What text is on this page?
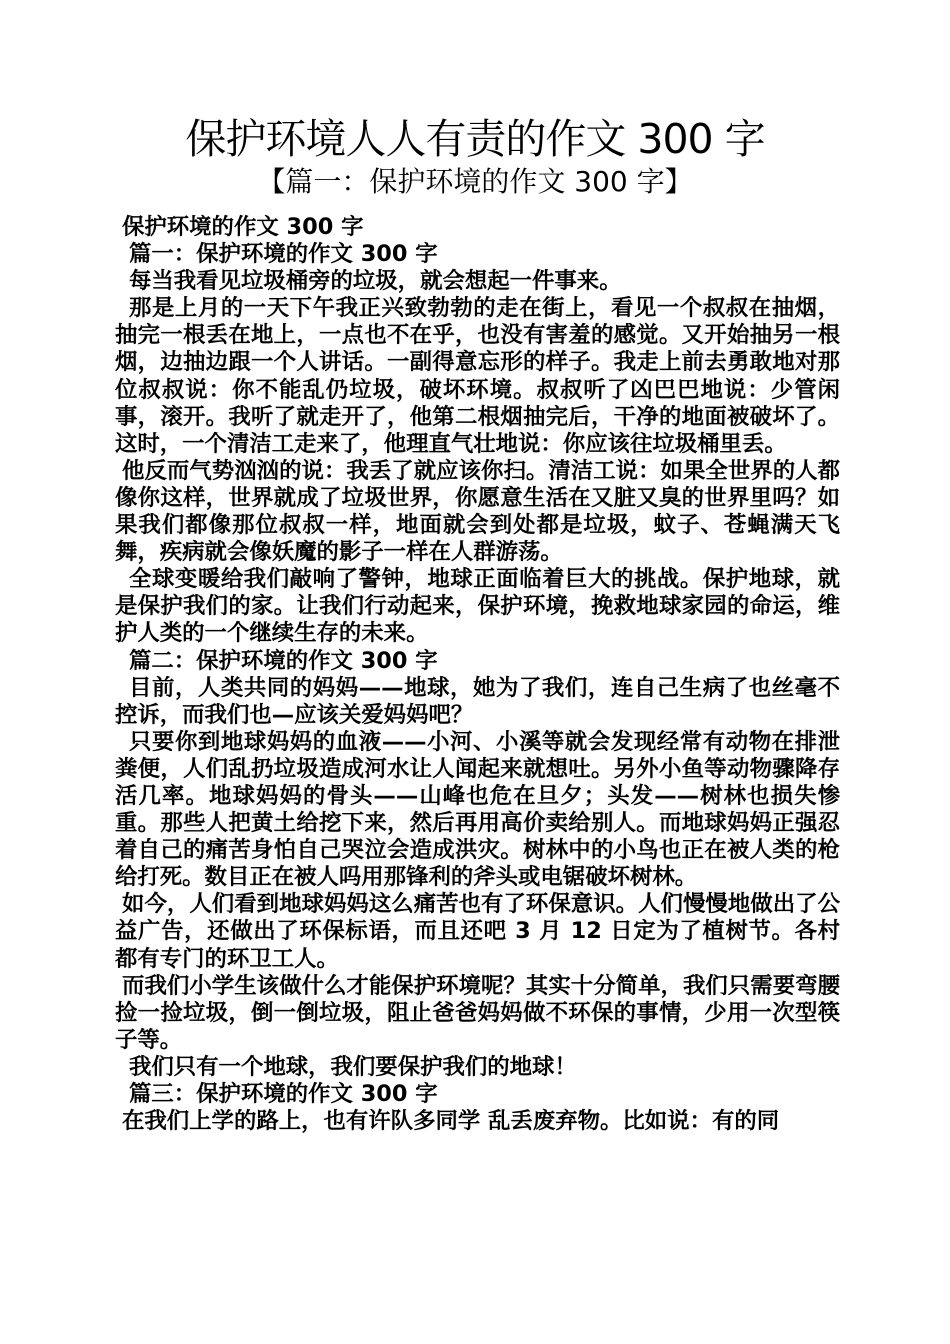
保护环境人人有责的作文 300 字
【篇一：保护环境的作文 300 字】

保护环境的作文 300 字

篇一：保护环境的作文 300 字

每当我看见垃圾桶旁的垃圾，就会想起一件事来。

那是上月的一天下午我正兴致勃勃的走在街上，看见一个叔叔在抽烟，抽完一根丢在地上，一点也不在乎，也没有害羞的感觉。又开始抽另一根烟，边抽边跟一个人讲话。一副得意忘形的样子。我走上前去勇敢地对那位叔叔说：你不能乱仍垃圾，破坏环境。叔叔听了凶巴巴地说：少管闲事，滚开。我听了就走开了，他第二根烟抽完后，干净的地面被破坏了。这时，一个清洁工走来了，他理直气壮地说：你应该往垃圾桶里丢。

他反而气势汹汹的说：我丢了就应该你扫。清洁工说：如果全世界的人都像你这样，世界就成了垃圾世界，你愿意生活在又脏又臭的世界里吗？如果我们都像那位叔叔一样，地面就会到处都是垃圾，蚊子、苍蝇满天飞舞，疾病就会像妖魔的影子一样在人群游荡。

全球变暖给我们敲响了警钟，地球正面临着巨大的挑战。保护地球，就是保护我们的家。让我们行动起来，保护环境，挽救地球家园的命运，维护人类的一个继续生存的未来。

篇二：保护环境的作文 300 字

目前，人类共同的妈妈——地球，她为了我们，连自己生病了也丝毫不控诉，而我们也—应该关爱妈妈吧？

只要你到地球妈妈的血液——小河、小溪等就会发现经常有动物在排泄粪便，人们乱扔垃圾造成河水让人闻起来就想吐。另外小鱼等动物骤降存活几率。地球妈妈的骨头——山峰也危在旦夕；头发——树林也损失惨重。那些人把黄土给挖下来，然后再用高价卖给别人。而地球妈妈正强忍着自己的痛苦身怕自己哭泣会造成洪灾。树林中的小鸟也正在被人类的枪给打死。数目正在被人吗用那锋利的斧头或电锯破坏树林。

如今，人们看到地球妈妈这么痛苦也有了环保意识。人们慢慢地做出了公益广告，还做出了环保标语，而且还吧 3 月 12 日定为了植树节。各村都有专门的环卫工人。

而我们小学生该做什么才能保护环境呢？其实十分简单，我们只需要弯腰捡一捡垃圾，倒一倒垃圾，阻止爸爸妈妈做不环保的事情，少用一次型筷子等。

我们只有一个地球，我们要保护我们的地球！

篇三：保护环境的作文 300 字

在我们上学的路上，也有许队多同学 乱丢废弃物。比如说：有的同
